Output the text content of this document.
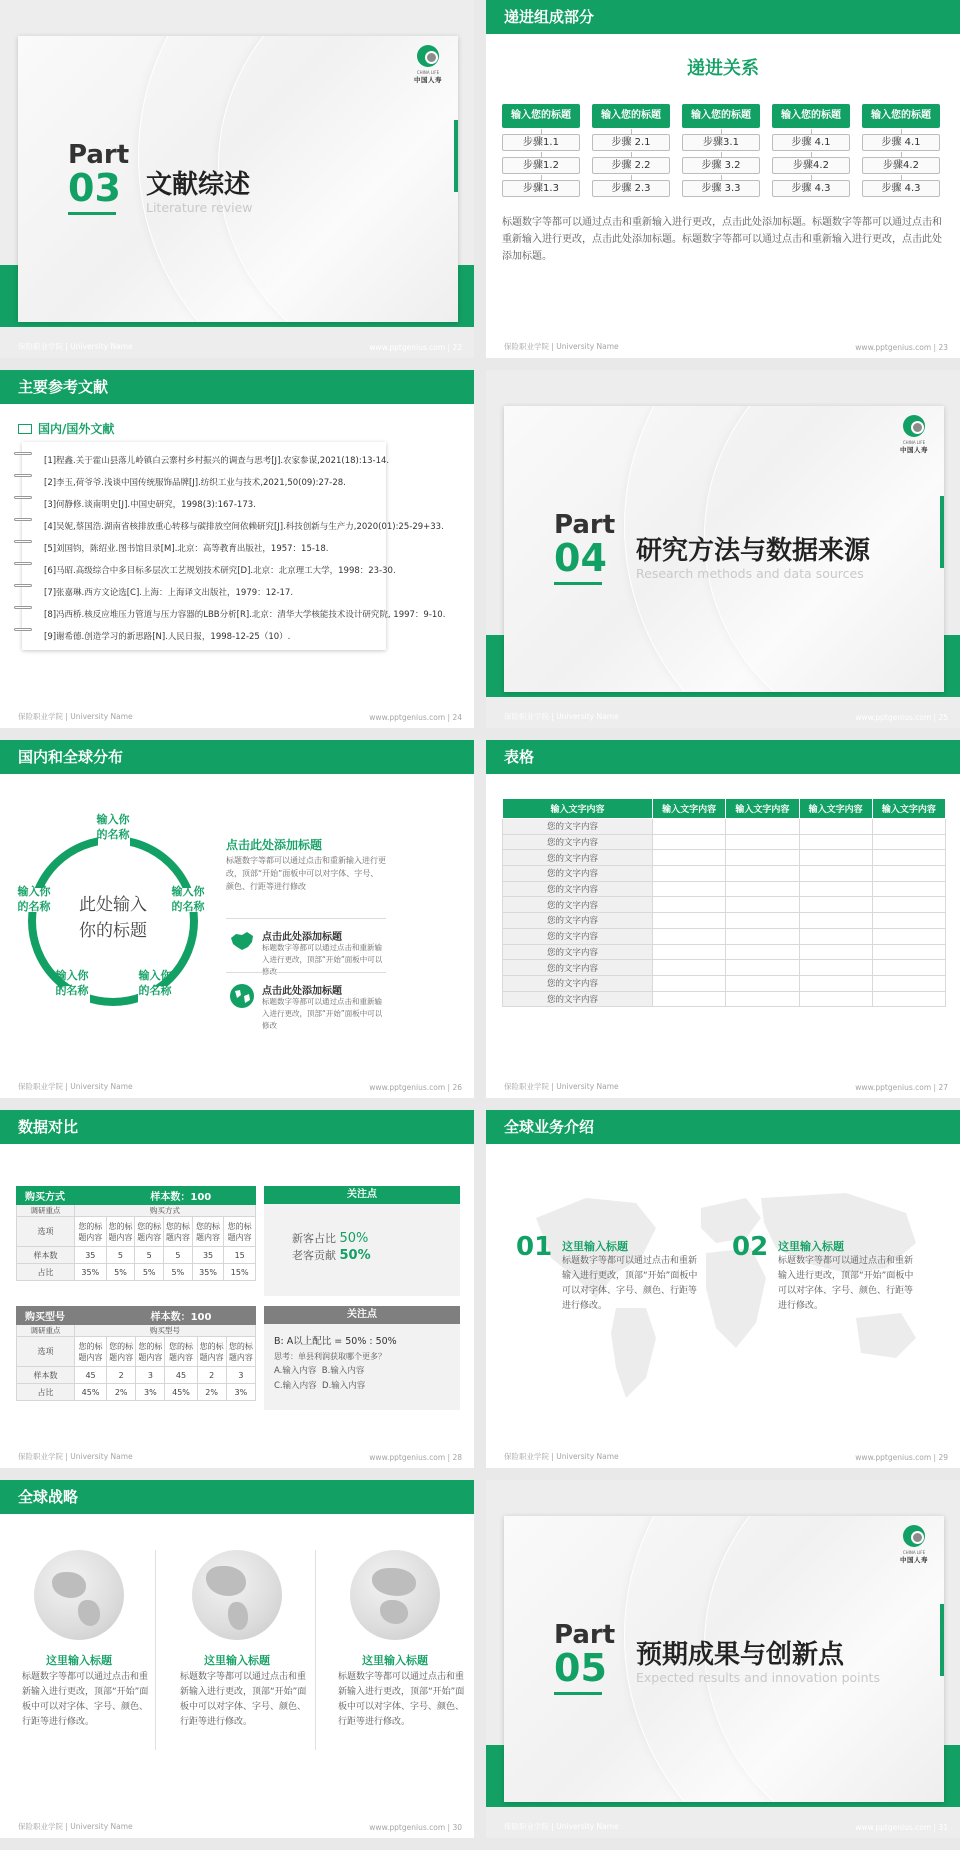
CHINA LIFE
中国人寿
Part
03 文献综述
Literature review
保险职业学院 | University Name	www.pptgenius.com | 22
递进组成部分
递进关系
输入您的标题
步骤1.1
步骤1.2
步骤1.3
输入您的标题
步骤 2.1
步骤 2.2
步骤 2.3
输入您的标题
步骤3.1
步骤 3.2
步骤 3.3
输入您的标题
步骤 4.1
步骤4.2
步骤 4.3
输入您的标题
步骤 4.1
步骤4.2
步骤 4.3
标题数字等都可以通过点击和重新输入进行更改，点击此处添加标题。标题数字等都可以通过点击和重新输入进行更改，点击此处添加标题。标题数字等都可以通过点击和重新输入进行更改，点击此处添加标题。
保险职业学院 | University Name	www.pptgenius.com | 23
主要参考文献
国内/国外文献
[1]程鑫.关于霍山县落儿岭镇白云寨村乡村振兴的调查与思考[J].农家参谋,2021(18):13-14.
[2]李玉,荷爷爷.浅谈中国传统服饰品牌[J].纺织工业与技术,2021,50(09):27-28.
[3]何静修.谈南明史[J].中国史研究，1998(3):167-173.
[4]吴妮,蔡国浩.湖南省核排放重心转移与碳排放空间依赖研究[J].科技创新与生产力,2020(01):25-29+33.
[5]刘国钧，陈绍业.图书馆目录[M].北京：高等教育出版社，1957：15-18.
[6]马昭.高级综合中多目标多层次工艺规划技术研究[D].北京：北京理工大学，1998：23-30.
[7]张嘉琳.西方文论选[C].上海：上海译文出版社，1979：12-17.
[8]冯西桥.核反应堆压力管道与压力容器的LBB分析[R].北京：清华大学核能技术设计研究院, 1997：9-10.
[9]谢希德.创造学习的新思路[N].人民日报，1998-12-25（10）.
保险职业学院 | University Name	www.pptgenius.com | 24
CHINA LIFE
中国人寿
Part
04 研究方法与数据来源
Research methods and data sources
保险职业学院 | University Name	www.pptgenius.com | 25
国内和全球分布
此处输入
你的标题
输入你
的名称
输入你
的名称
输入你
的名称
输入你
的名称
输入你
的名称
点击此处添加标题
标题数字等都可以通过点击和重新输入进行更改，顶部“开始”面板中可以对字体、字号、颜色、行距等进行修改
点击此处添加标题
标题数字等都可以通过点击和重新输入进行更改，顶部“开始”面板中可以
点击此处添加标题
标题数字等都可以通过点击和重新输入进行更改，顶部“开始”面板中可以修改
保险职业学院 | University Name	www.pptgenius.com | 26
表格
输入文字内容	输入文字内容	输入文字内容	输入文字内容	输入文字内容
您的文字内容				
您的文字内容				
您的文字内容				
您的文字内容				
您的文字内容				
您的文字内容				
您的文字内容				
您的文字内容				
您的文字内容				
您的文字内容				
您的文字内容				
您的文字内容				
保险职业学院 | University Name	www.pptgenius.com | 27
数据对比
购买方式		样本数：100				
调研重点	购买方式					
选项	您的标题内容	您的标题内容	您的标题内容	您的标题内容	您的标题内容	您的标题内容
样本数	35	5	5	5	35	15
占比	35%	5%	5%	5%	35%	15%
购买型号		样本数：100				
调研重点	购买型号					
选项	您的标题内容	您的标题内容	您的标题内容	您的标题内容	您的标题内容	您的标题内容
样本数	45	2	3	45	2	3
占比	45%	2%	3%	45%	2%	3%
关注点
新客占比 50%
老客贡献 50%
关注点
B: A以上配比 = 50% : 50%
思考：单县利润获取哪个更多？
A.输入内容 B.输入内容
C.输入内容 D.输入内容
保险职业学院 | University Name	www.pptgenius.com | 28
全球业务介绍
01 这里输入标题
标题数字等都可以通过点击和重新输入进行更改，顶部“开始”面板中可以对字体、字号、颜色、行距等进行修改。
02 这里输入标题
标题数字等都可以通过点击和重新输入进行更改，顶部“开始”面板中可以对字体、字号、颜色、行距等进行修改。
保险职业学院 | University Name	www.pptgenius.com | 29
全球战略
这里输入标题
标题数字等都可以通过点击和重新输入进行更改，顶部“开始”面板中可以对字体、字号、颜色、行距等进行修改。
这里输入标题
标题数字等都可以通过点击和重新输入进行更改，顶部“开始”面板中可以对字体、字号、颜色、行距等进行修改。
这里输入标题
标题数字等都可以通过点击和重新输入进行更改，顶部“开始”面板中可以对字体、字号、颜色、行距等进行修改。
保险职业学院 | University Name	www.pptgenius.com | 30
CHINA LIFE
中国人寿
Part
05 预期成果与创新点
Expected results and innovation points
保险职业学院 | University Name	www.pptgenius.com | 31
